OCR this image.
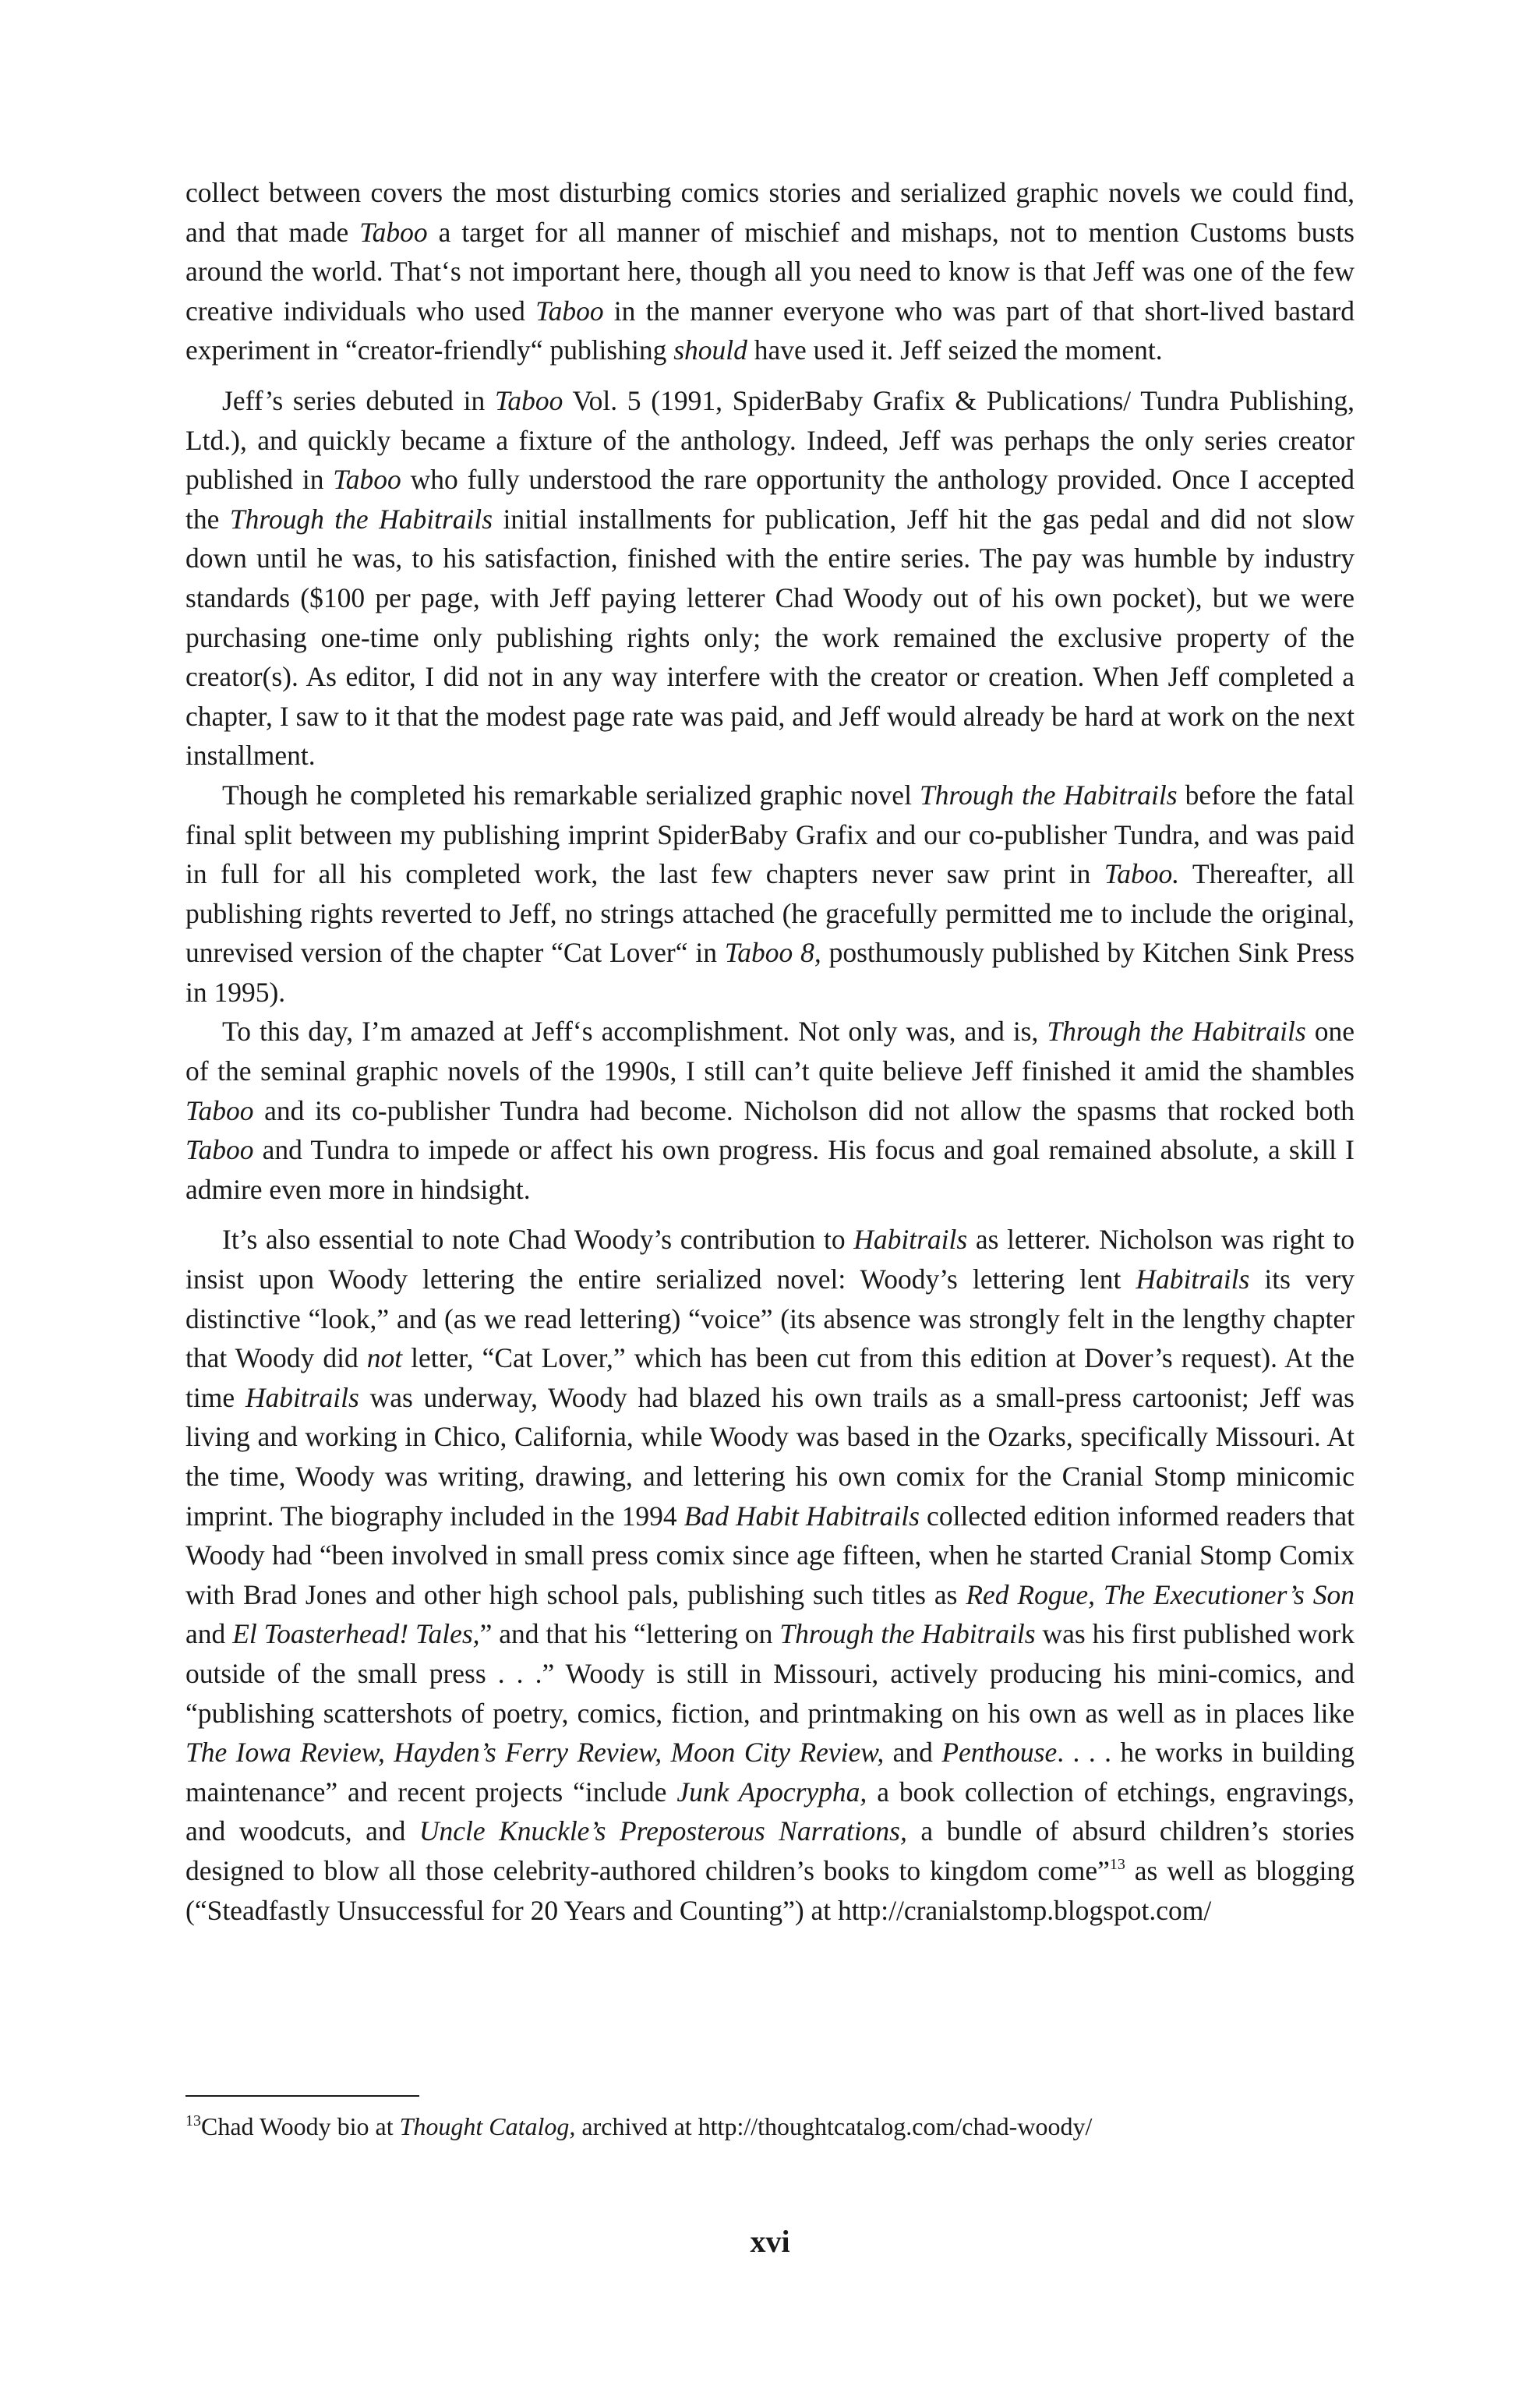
collect between covers the most disturbing comics stories and serialized graphic novels we could find, and that made Taboo a target for all manner of mischief and mishaps, not to mention Customs busts around the world. That‘s not important here, though all you need to know is that Jeff was one of the few creative individuals who used Taboo in the manner everyone who was part of that short-lived bastard experiment in “creator-friendly“ publishing should have used it. Jeff seized the moment.

Jeff’s series debuted in Taboo Vol. 5 (1991, SpiderBaby Grafix & Publications/ Tundra Publishing, Ltd.), and quickly became a fixture of the anthology. Indeed, Jeff was perhaps the only series creator published in Taboo who fully understood the rare opportunity the anthology provided. Once I accepted the Through the Habitrails initial installments for publication, Jeff hit the gas pedal and did not slow down until he was, to his satisfaction, finished with the entire series. The pay was humble by industry standards ($100 per page, with Jeff paying letterer Chad Woody out of his own pocket), but we were purchasing one-time only publishing rights only; the work remained the exclusive property of the creator(s). As editor, I did not in any way interfere with the creator or creation. When Jeff completed a chapter, I saw to it that the modest page rate was paid, and Jeff would already be hard at work on the next installment.

Though he completed his remarkable serialized graphic novel Through the Habitrails before the fatal final split between my publishing imprint SpiderBaby Grafix and our co-publisher Tundra, and was paid in full for all his completed work, the last few chapters never saw print in Taboo. Thereafter, all publishing rights reverted to Jeff, no strings attached (he gracefully permitted me to include the original, unrevised version of the chapter “Cat Lover“ in Taboo 8, posthumously published by Kitchen Sink Press in 1995).

To this day, I’m amazed at Jeff‘s accomplishment. Not only was, and is, Through the Habitrails one of the seminal graphic novels of the 1990s, I still can’t quite believe Jeff finished it amid the shambles Taboo and its co-publisher Tundra had become. Nicholson did not allow the spasms that rocked both Taboo and Tundra to impede or affect his own progress. His focus and goal remained absolute, a skill I admire even more in hindsight.

It’s also essential to note Chad Woody’s contribution to Habitrails as letterer. Nicholson was right to insist upon Woody lettering the entire serialized novel: Woody’s lettering lent Habitrails its very distinctive “look,” and (as we read lettering) “voice” (its absence was strongly felt in the lengthy chapter that Woody did not letter, “Cat Lover,” which has been cut from this edition at Dover’s request). At the time Habitrails was underway, Woody had blazed his own trails as a small-press cartoonist; Jeff was living and working in Chico, California, while Woody was based in the Ozarks, specifically Missouri. At the time, Woody was writing, drawing, and lettering his own comix for the Cranial Stomp minicomic imprint. The biography included in the 1994 Bad Habit Habitrails collected edition informed readers that Woody had “been involved in small press comix since age fifteen, when he started Cranial Stomp Comix with Brad Jones and other high school pals, publishing such titles as Red Rogue, The Executioner’s Son and El Toasterhead! Tales,” and that his “lettering on Through the Habitrails was his first published work outside of the small press . . .” Woody is still in Missouri, actively producing his mini-comics, and “publishing scattershots of poetry, comics, fiction, and printmaking on his own as well as in places like The Iowa Review, Hayden’s Ferry Review, Moon City Review, and Penthouse. . . . he works in building maintenance” and recent projects “include Junk Apocrypha, a book collection of etchings, engravings, and woodcuts, and Uncle Knuckle’s Preposterous Narrations, a bundle of absurd children’s stories designed to blow all those celebrity-authored children’s books to kingdom come”$^{13}$ as well as blogging (“Steadfastly Unsuccessful for 20 Years and Counting”) at http://cranialstomp.blogspot.com/

$^{13}$Chad Woody bio at Thought Catalog, archived at http://thoughtcatalog.com/chad-woody/
xvi
